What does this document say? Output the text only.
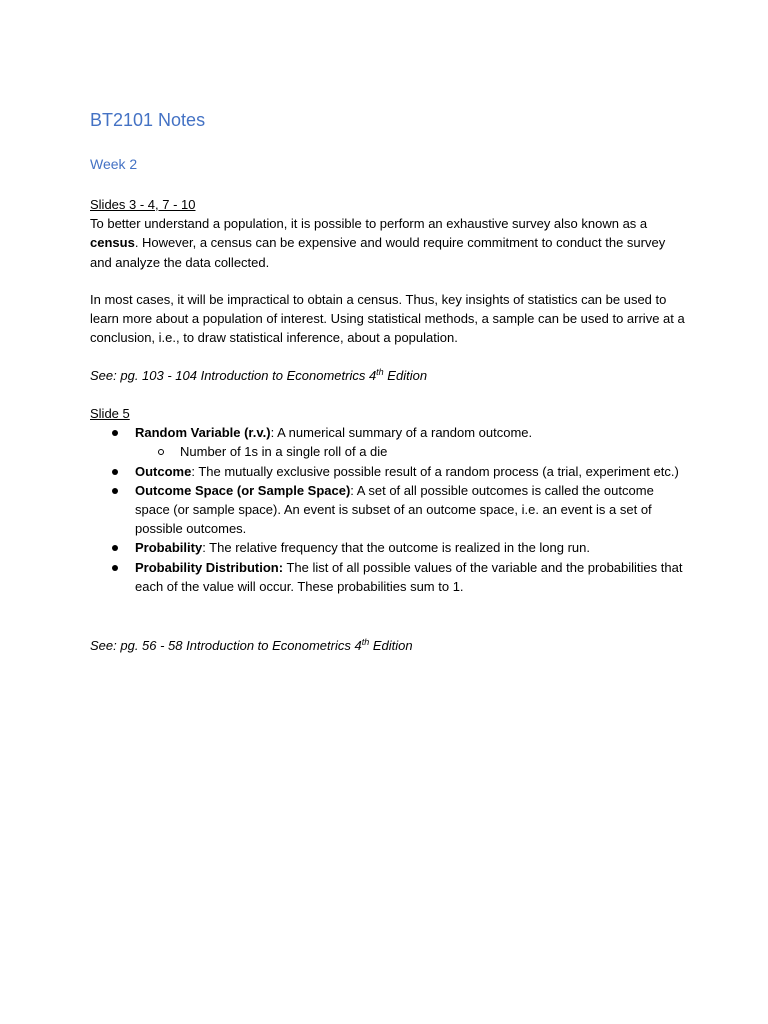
BT2101 Notes
Week 2
Slides 3 - 4, 7 - 10

To better understand a population, it is possible to perform an exhaustive survey also known as a census. However, a census can be expensive and would require commitment to conduct the survey and analyze the data collected.

In most cases, it will be impractical to obtain a census. Thus, key insights of statistics can be used to learn more about a population of interest. Using statistical methods, a sample can be used to arrive at a conclusion, i.e., to draw statistical inference, about a population.

See: pg. 103 - 104 Introduction to Econometrics 4th Edition
Slide 5
Random Variable (r.v.): A numerical summary of a random outcome.
Number of 1s in a single roll of a die
Outcome: The mutually exclusive possible result of a random process (a trial, experiment etc.)
Outcome Space (or Sample Space): A set of all possible outcomes is called the outcome space (or sample space). An event is subset of an outcome space, i.e. an event is a set of possible outcomes.
Probability: The relative frequency that the outcome is realized in the long run.
Probability Distribution: The list of all possible values of the variable and the probabilities that each of the value will occur. These probabilities sum to 1.
See: pg. 56 - 58 Introduction to Econometrics 4th Edition
